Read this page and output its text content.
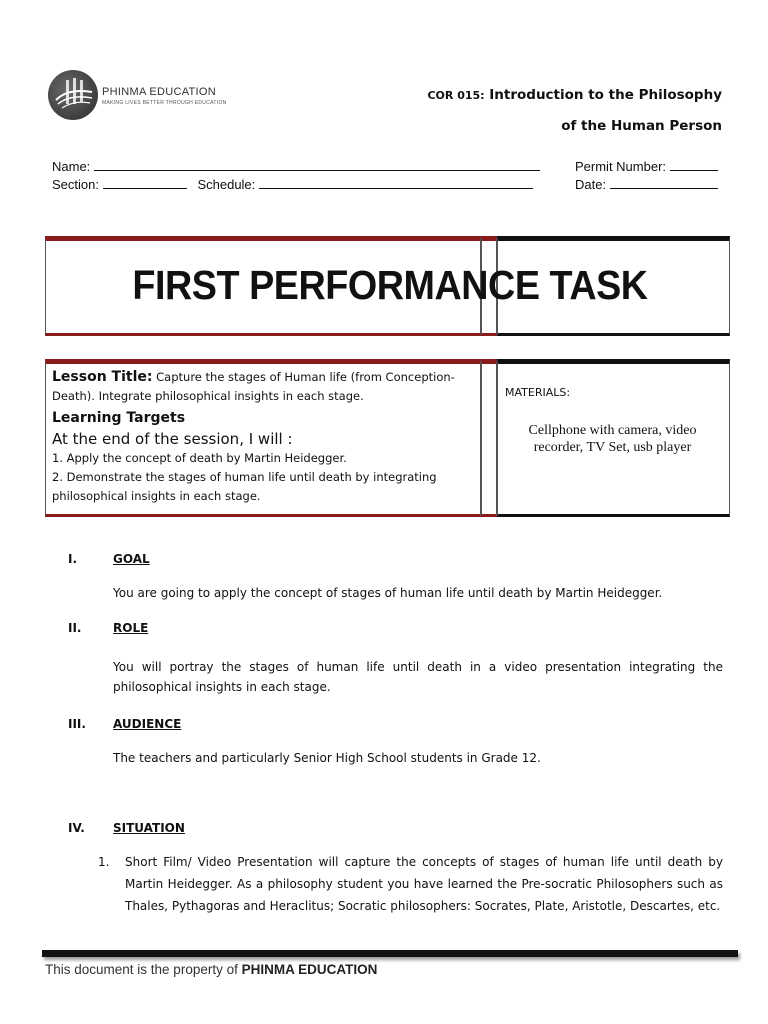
PHINMA EDUCATION
MAKING LIVES BETTER THROUGH EDUCATION
COR 015: Introduction to the Philosophy
of the Human Person
Name:
Section:	Schedule:
Permit Number:
Date:
FIRST PERFORMANCE TASK
Lesson Title: Capture the stages of Human life (from Conception-Death). Integrate philosophical insights in each stage.
Learning Targets
At the end of the session, I will :
1. Apply the concept of death by Martin Heidegger.
2. Demonstrate the stages of human life until death by integrating philosophical insights in each stage.
MATERIALS:
Cellphone with camera, video recorder, TV Set, usb player
I.	GOAL
You are going to apply the concept of stages of human life until death by Martin Heidegger.
II.	ROLE
You will portray the stages of human life until death in a video presentation integrating the philosophical insights in each stage.
III. AUDIENCE
The teachers and particularly Senior High School students in Grade 12.
IV. SITUATION
1. Short Film/ Video Presentation will capture the concepts of stages of human life until death by Martin Heidegger. As a philosophy student you have learned the Pre-socratic Philosophers such as Thales, Pythagoras and Heraclitus; Socratic philosophers: Socrates, Plate, Aristotle, Descartes, etc.
This document is the property of PHINMA EDUCATION
